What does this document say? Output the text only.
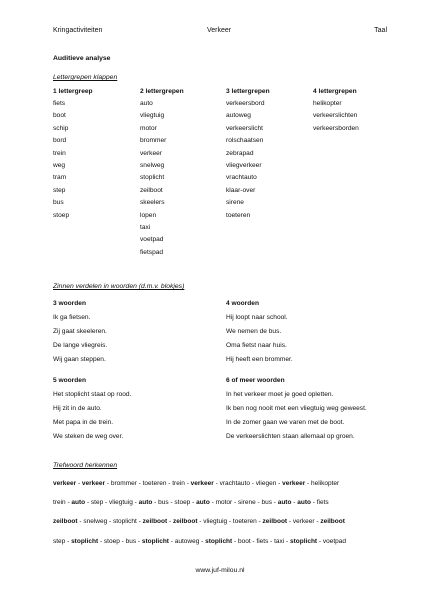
Kringactiviteiten	Verkeer	Taal
Auditieve analyse
Lettergrepen klappen
1 lettergreep
fiets
boot
schip
bord
trein
weg
tram
step
bus
stoep
2 lettergrepen
auto
vliegtuig
motor
brommer
verkeer
snelweg
stoplicht
zeilboot
skeelers
lopen
taxi
voetpad
fietspad
3 lettergrepen
verkeersbord
autoweg
verkeerslicht
rolschaatsen
zebrapad
vliegverkeer
vrachtauto
klaar-over
sirene
toeteren
4 lettergrepen
helikopter
verkeerslichten
verkeersborden
Zinnen verdelen in woorden (d.m.v. blokjes)
3 woorden
Ik ga fietsen.
Zij gaat skeeleren.
De lange vliegreis.
Wij gaan steppen.
4 woorden
Hij loopt naar school.
We nemen de bus.
Oma fietst naar huis.
Hij heeft een brommer.
5 woorden
Het stoplicht staat op rood.
Hij zit in de auto.
Met papa in de trein.
We steken de weg over.
6 of meer woorden
In het verkeer moet je goed opletten.
Ik ben nog nooit met een vliegtuig weg geweest.
In de zomer gaan we varen met de boot.
De verkeerslichten staan allemaal op groen.
Trefwoord herkennen
verkeer - verkeer - brommer - toeteren - trein - verkeer - vrachtauto - vliegen - verkeer - helikopter
trein - auto - step - vliegtuig - auto - bus - stoep - auto - motor - sirene - bus - auto - auto - fiets
zeilboot - snelweg - stoplicht - zeilboot - zeilboot - vliegtuig - toeteren - zeilboot - verkeer - zeilboot
step - stoplicht - stoep - bus - stoplicht - autoweg - stoplicht - boot - fiets - taxi - stoplicht - voetpad
www.juf-milou.nl
